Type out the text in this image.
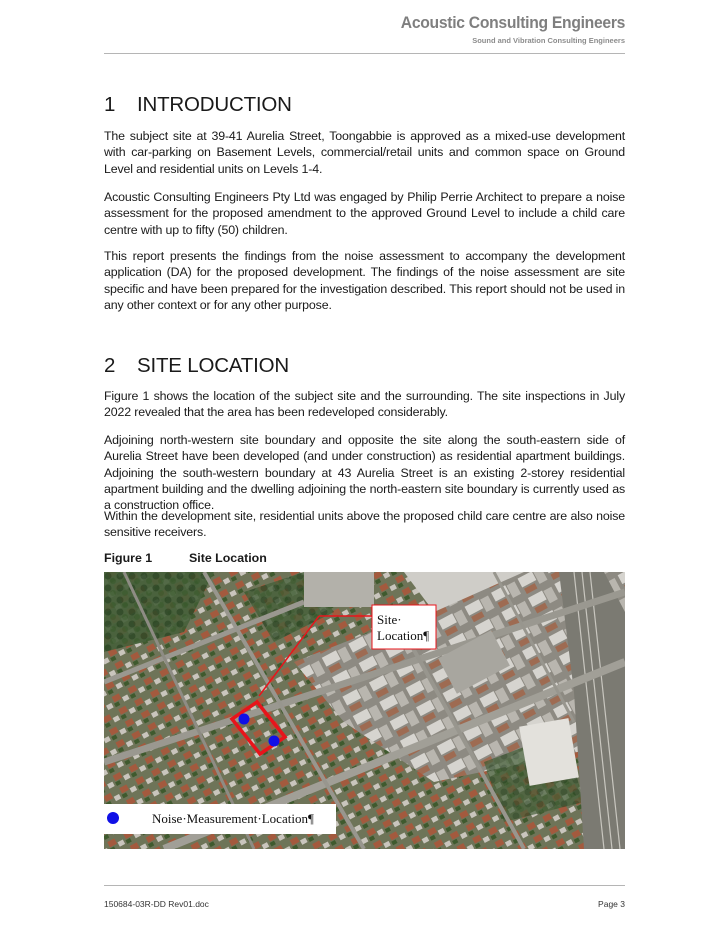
Acoustic Consulting Engineers
Sound and Vibration Consulting Engineers
1 INTRODUCTION

The subject site at 39-41 Aurelia Street, Toongabbie is approved as a mixed-use development with car-parking on Basement Levels, commercial/retail units and common space on Ground Level and residential units on Levels 1-4.

Acoustic Consulting Engineers Pty Ltd was engaged by Philip Perrie Architect to prepare a noise assessment for the proposed amendment to the approved Ground Level to include a child care centre with up to fifty (50) children.

This report presents the findings from the noise assessment to accompany the development application (DA) for the proposed development. The findings of the noise assessment are site specific and have been prepared for the investigation described. This report should not be used in any other context or for any other purpose.

2 SITE LOCATION

Figure 1 shows the location of the subject site and the surrounding. The site inspections in July 2022 revealed that the area has been redeveloped considerably.

Adjoining north-western site boundary and opposite the site along the south-eastern side of Aurelia Street have been developed (and under construction) as residential apartment buildings. Adjoining the south-western boundary at 43 Aurelia Street is an existing 2-storey residential apartment building and the dwelling adjoining the north-eastern site boundary is currently used as a construction office.

Within the development site, residential units above the proposed child care centre are also noise sensitive receivers.

Figure 1	Site Location
Site·
Location¶
Noise·Measurement·Location¶
150684-03R-DD Rev01.doc	Page 3
